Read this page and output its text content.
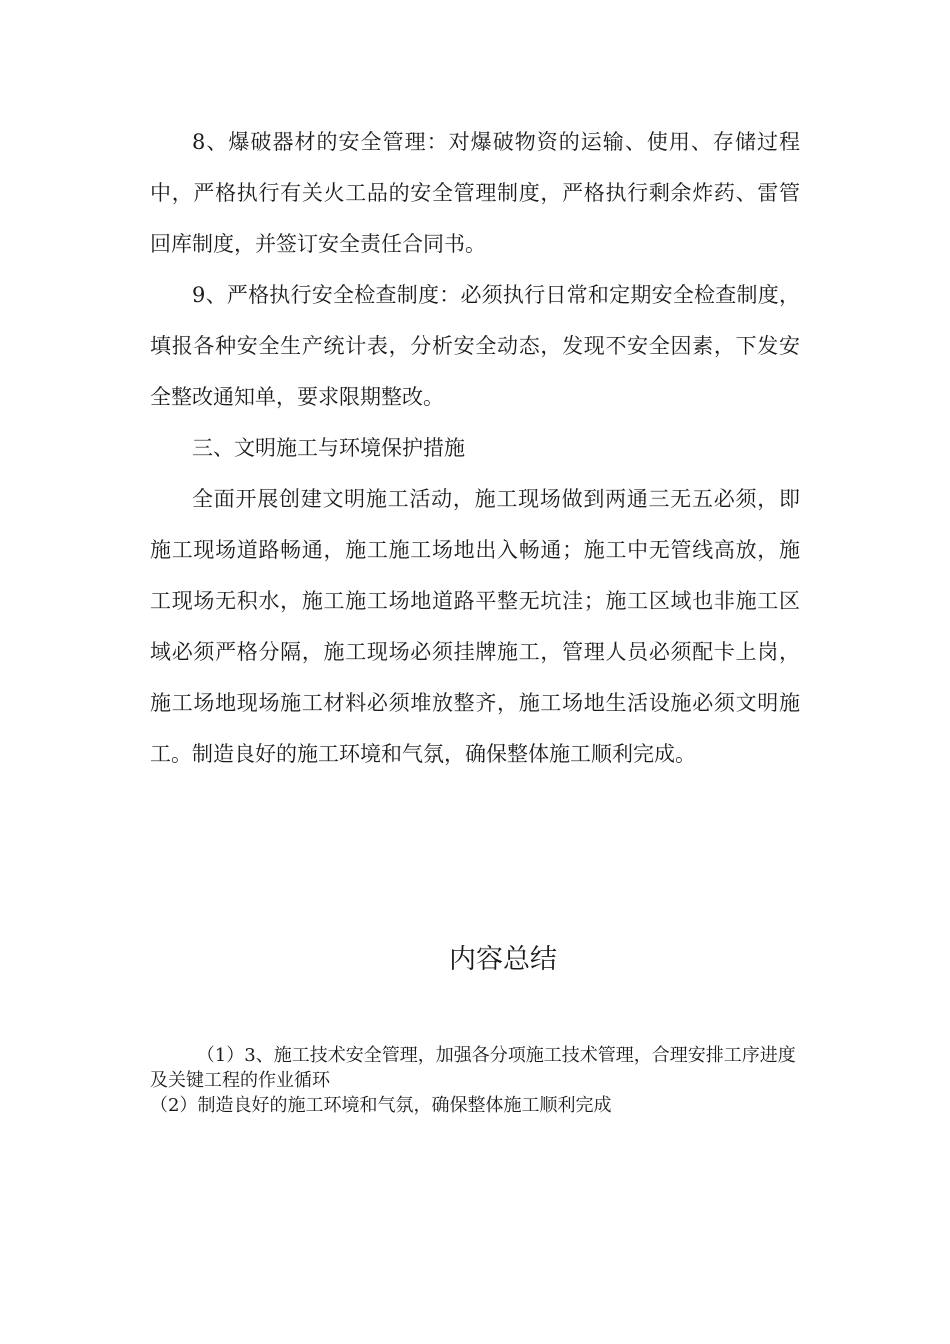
8、爆破器材的安全管理：对爆破物资的运输、使用、存储过程中，严格执行有关火工品的安全管理制度，严格执行剩余炸药、雷管回库制度，并签订安全责任合同书。

9、严格执行安全检查制度：必须执行日常和定期安全检查制度，填报各种安全生产统计表，分析安全动态，发现不安全因素，下发安全整改通知单，要求限期整改。

三、文明施工与环境保护措施

全面开展创建文明施工活动，施工现场做到两通三无五必须，即施工现场道路畅通，施工施工场地出入畅通；施工中无管线高放，施工现场无积水，施工施工场地道路平整无坑洼；施工区域也非施工区域必须严格分隔，施工现场必须挂牌施工，管理人员必须配卡上岗，施工场地现场施工材料必须堆放整齐，施工场地生活设施必须文明施工。制造良好的施工环境和气氛，确保整体施工顺利完成。

内容总结

（1）3、施工技术安全管理，加强各分项施工技术管理，合理安排工序进度及关键工程的作业循环

（2）制造良好的施工环境和气氛，确保整体施工顺利完成
